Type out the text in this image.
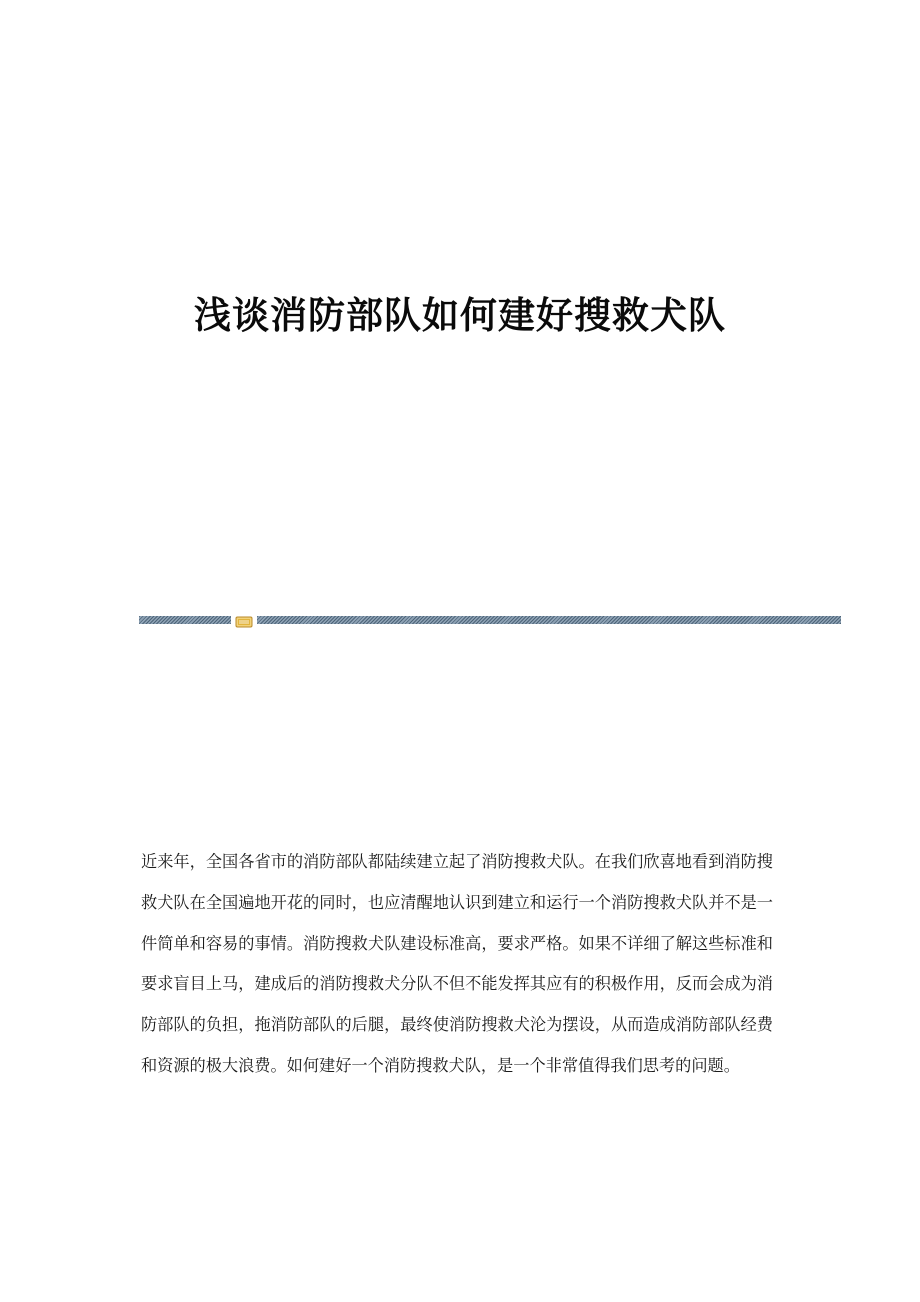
浅谈消防部队如何建好搜救犬队

近来年，全国各省市的消防部队都陆续建立起了消防搜救犬队。在我们欣喜地看到消防搜救犬队在全国遍地开花的同时，也应清醒地认识到建立和运行一个消防搜救犬队并不是一件简单和容易的事情。消防搜救犬队建设标准高，要求严格。如果不详细了解这些标准和要求盲目上马，建成后的消防搜救犬分队不但不能发挥其应有的积极作用，反而会成为消防部队的负担，拖消防部队的后腿，最终使消防搜救犬沦为摆设，从而造成消防部队经费和资源的极大浪费。如何建好一个消防搜救犬队，是一个非常值得我们思考的问题。
